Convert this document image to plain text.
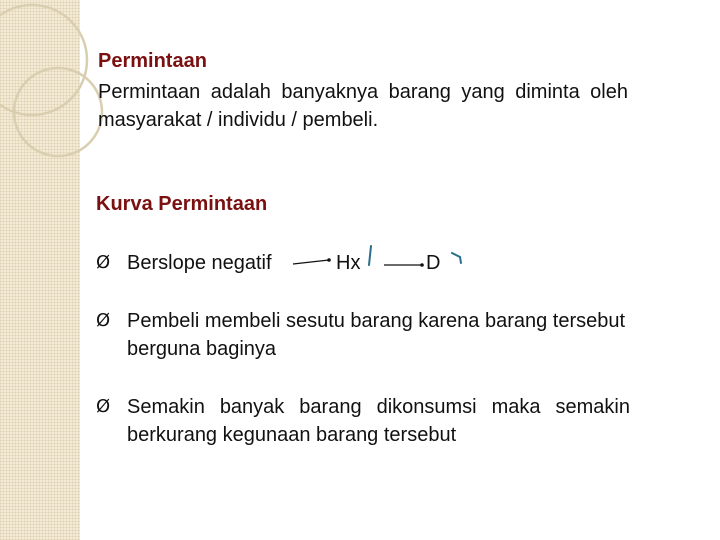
Permintaan
Permintaan adalah banyaknya barang yang diminta oleh masyarakat / individu / pembeli.
Kurva Permintaan
Ø Berslope negatif	Hx	D
Ø Pembeli membeli sesutu barang karena barang tersebut berguna baginya
Ø Semakin banyak barang dikonsumsi maka semakin berkurang kegunaan barang tersebut
